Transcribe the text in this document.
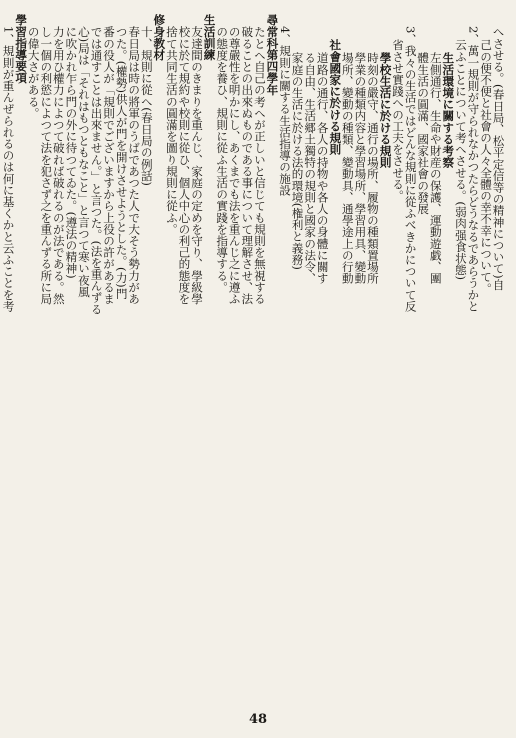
へさせる。(春日局、松平定信等の精神について)自
己の便不便と社會の人々全體の幸不幸について。
2、萬一規則が守られなかつたらどうなるであらうかと
云ふことについて考へさせる。(弱肉强食状態)
生活環境に關する考察
左側通行、生命や財産の保護、運動遊戯、團
體生活の圓滿、國家社會の發展
3、我々の生活ではどんな規則に從ふべきかについて反
省させ實踐への工夫をさせる。
學校生活に於ける規則
時刻の嚴守、通行の場所、履物の種類置場所
學業の種類内容と學習場所、學習用具、變動
場所、變動の種類、變動具、通學途上の行動
社會國家に於ける規則
道路の通行、各人の持物や各人の身體に關す
る自由、生活郷土獨特の規則と國家の法令、
家庭の生活に於ける法的環境(権利と義務)
4、規則に關する生活指導の施設
尋常科第四學年
たとへ自己の考へが正しいと信じても規則を無視する
破ることの出來ぬものである事について理解させ、法
の尊嚴性を明かにし、あくまでも法を重んじ之に遵ふ
の態度を養ひ、規則に從ふ生活の實踐を指導する。
生活訓練
友達間のきまりを重んじ、家庭の定めを守り、學級學
校に於て規約や校則に從ひ、個人中心の利己的態度を
捨て共同生活の圓滿を圖り規則に從ふ。
修身教材
十、規則に從へ(春日局の例話)
春日局は時の將軍のうばであつた人で大そう勢力があ
つた。(權勢)供人が門を開けさせようとした。(力)門
番の役人が「規則でございますから上役の許があるま
では通すことは出來ません。」と言つた。(法を重んずる
心)局は「それはもつともなこと」と言つて寒い夜風
に吹かれ乍ら門の外に待つてゐた。(遵法の精神)
力を用ひ權力によつて破れば破れるのが法である。然
し一個の利慾によつて法を犯さず之を重んずる所に局
の偉大さがある。
學習指導要項
1、規則が重んぜられるのは何に基くかと云ふことを考
48
